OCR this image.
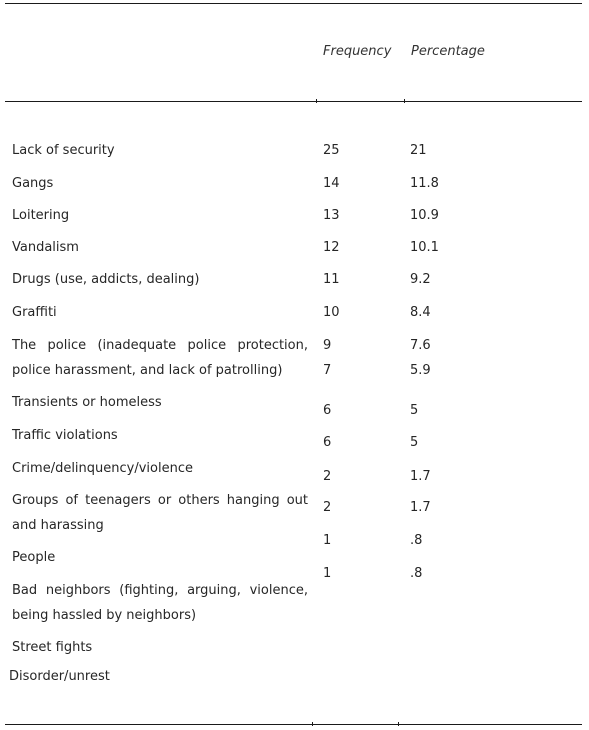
Frequency Percentage
Lack of security
Gangs
Loitering
Vandalism
Drugs (use, addicts, dealing)
Graffiti
The police (inadequate police protection, police harassment, and lack of patrolling)
Transients or homeless
Traffic violations
Crime/delinquency/violence
Groups of teenagers or others hanging out and harassing
People
Bad neighbors (fighting, arguing, violence, being hassled by neighbors)
Street fights
Disorder/unrest
25
14
13
12
11
10
9
7
6
6
2
2
1
1
21
11.8
10.9
10.1
9.2
8.4
7.6
5.9
5
5
1.7
1.7
.8
.8
